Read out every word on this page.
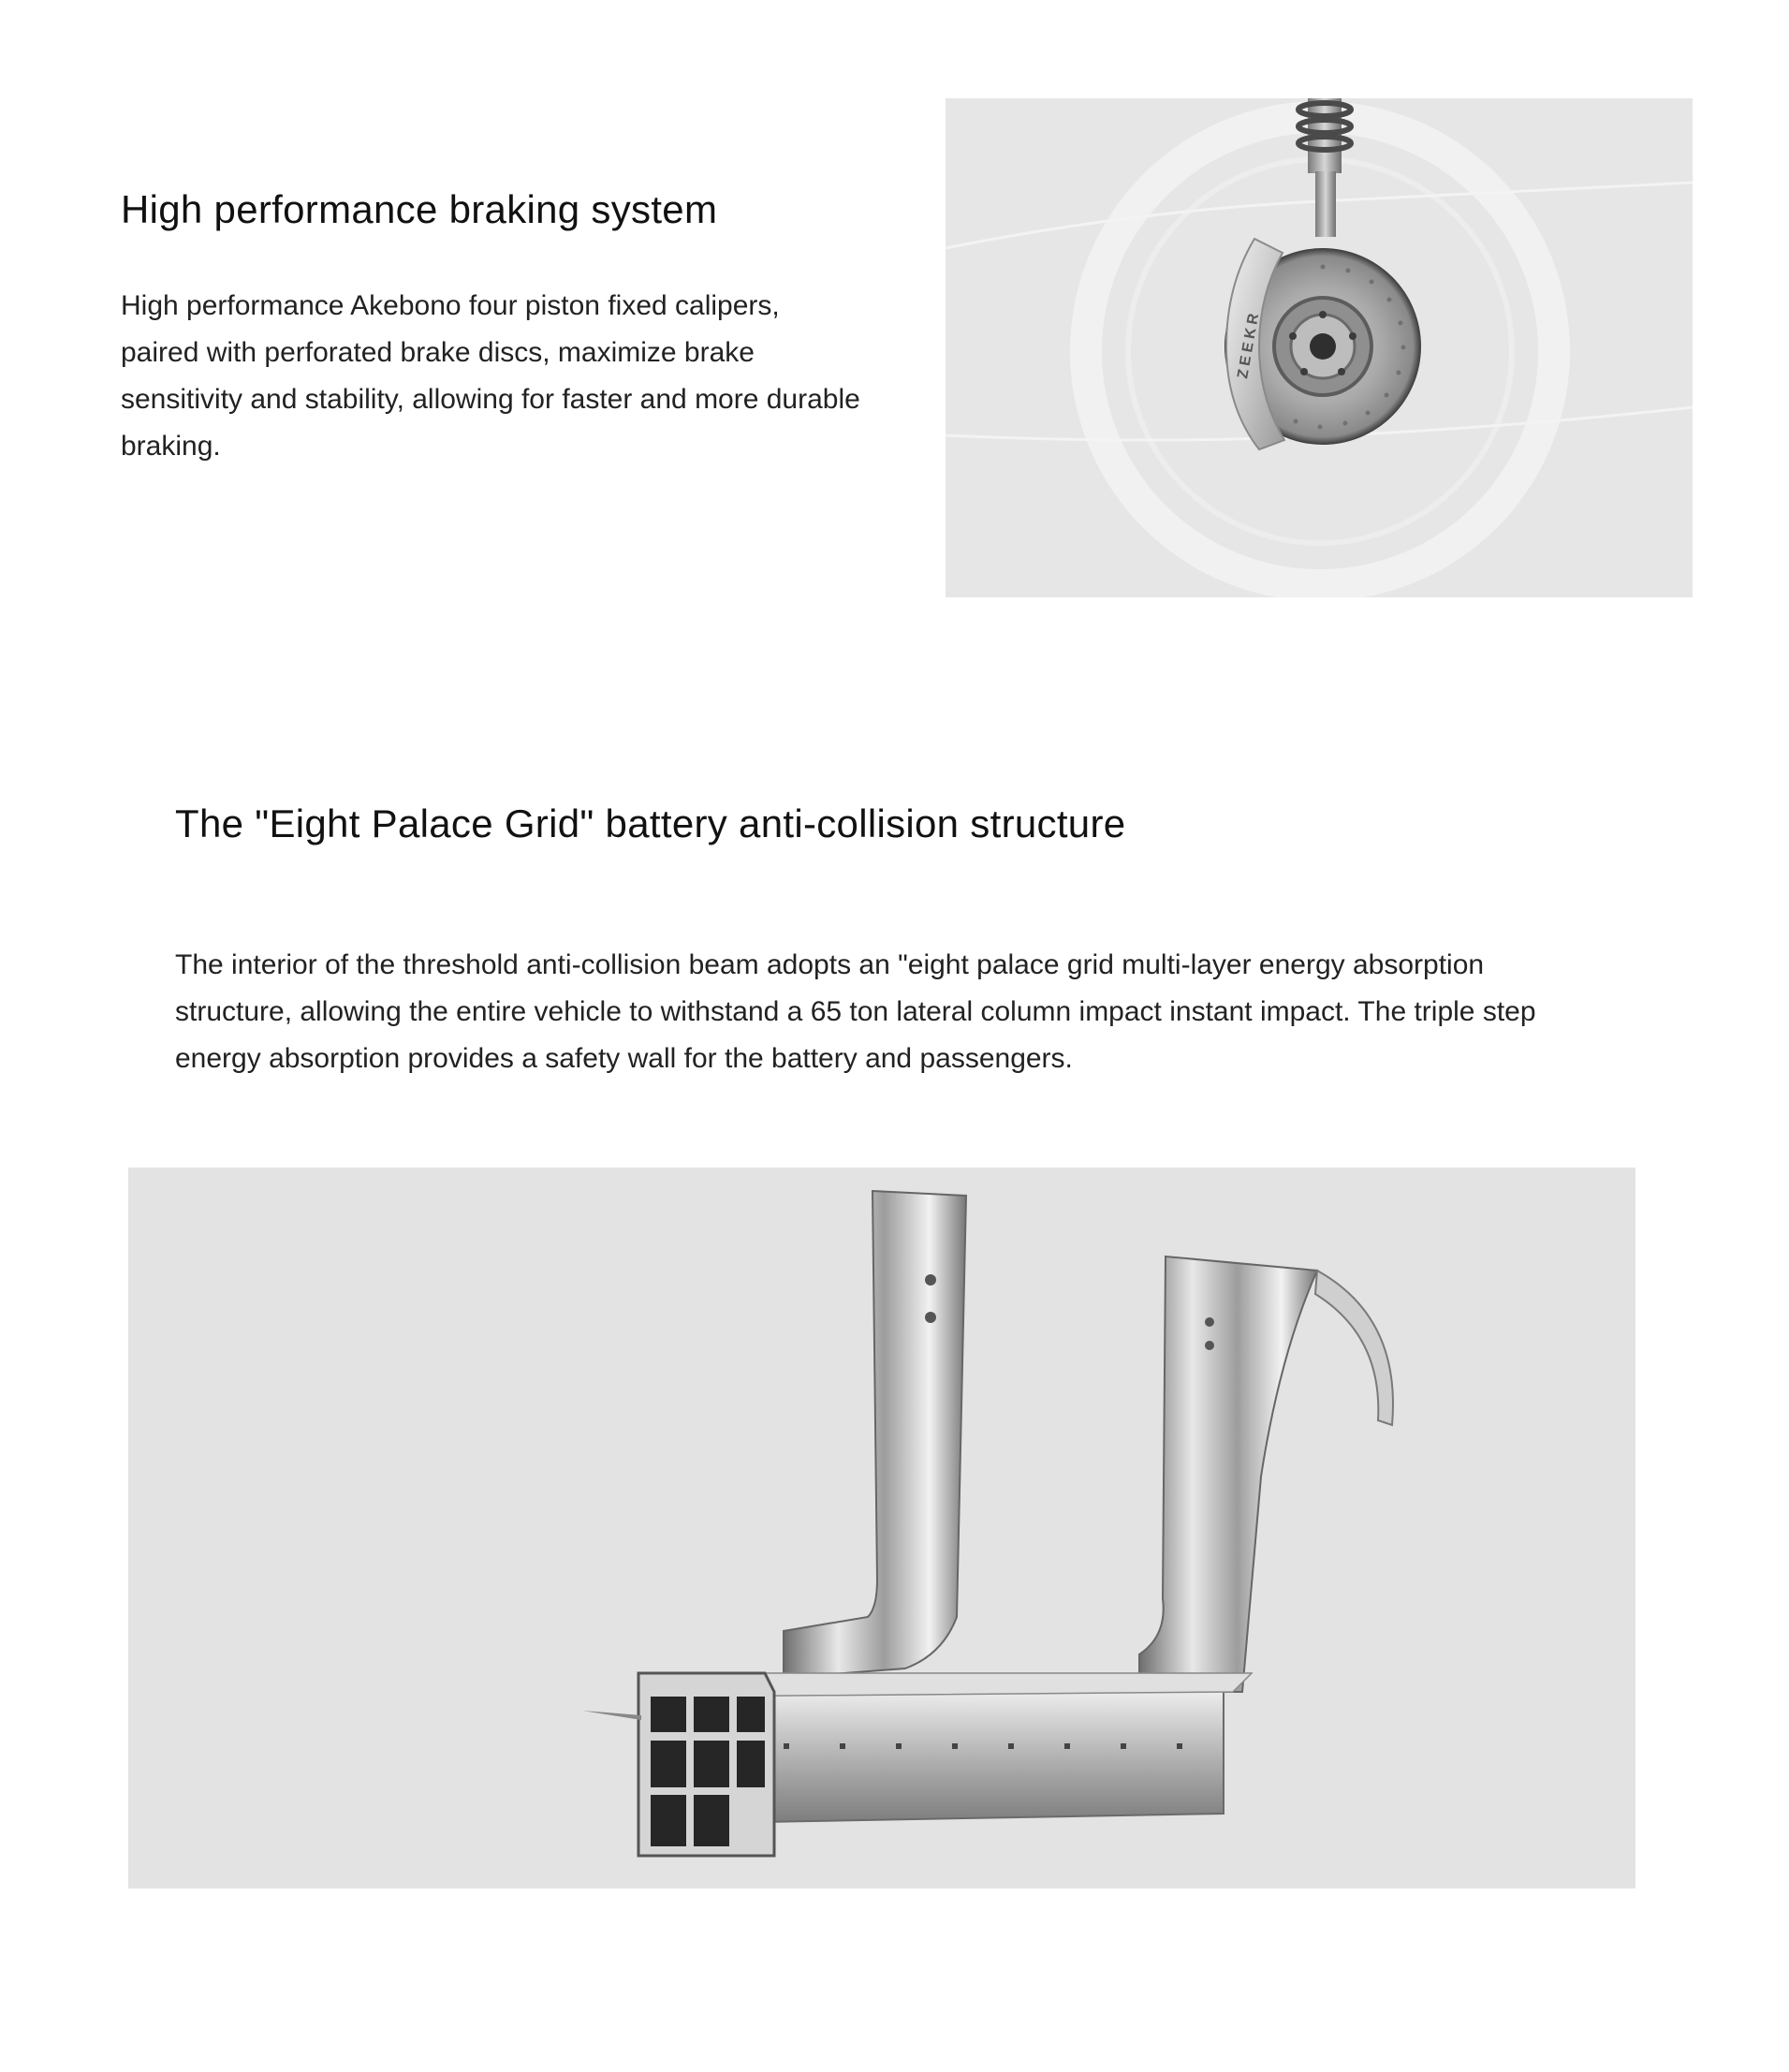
High performance braking system

High performance Akebono four piston fixed calipers, paired with perforated brake discs, maximize brake sensitivity and stability, allowing for faster and more durable braking.

ZEEKR
The "Eight Palace Grid" battery anti-collision structure

The interior of the threshold anti-collision beam adopts an "eight palace grid multi-layer energy absorption structure, allowing the entire vehicle to withstand a 65 ton lateral column impact instant impact. The triple step energy absorption provides a safety wall for the battery and passengers.
